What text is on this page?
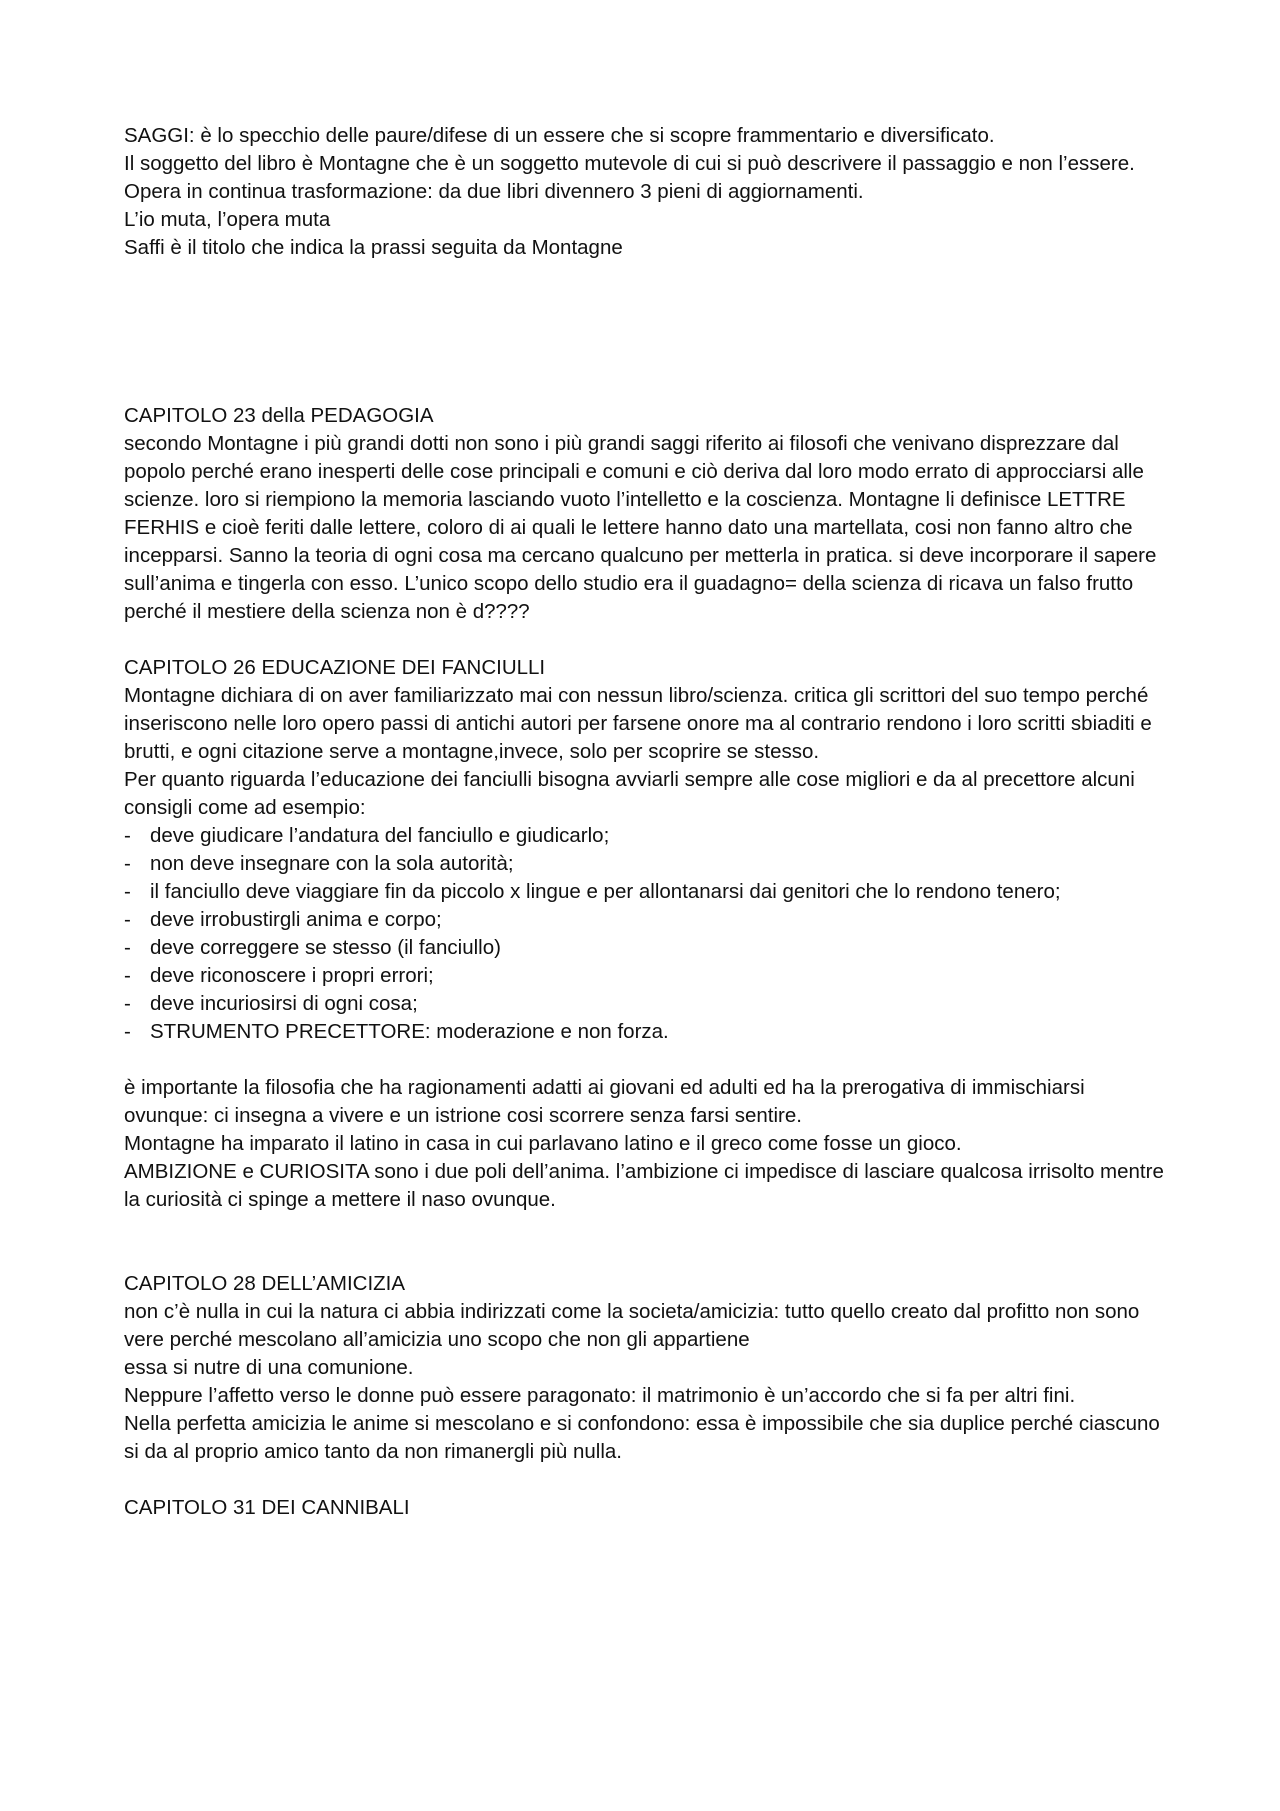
SAGGI: è lo specchio delle paure/difese di un essere che si scopre frammentario e diversificato.

Il soggetto del libro è Montagne che è un soggetto mutevole di cui si può descrivere il passaggio e non l’essere.

Opera in continua trasformazione: da due libri divennero 3 pieni di aggiornamenti.

L’io muta, l’opera muta

Saffi è il titolo che indica la prassi seguita da Montagne

CAPITOLO 23 della PEDAGOGIA

secondo Montagne i più grandi dotti non sono i più grandi saggi riferito ai filosofi che venivano disprezzare dal popolo perché erano inesperti delle cose principali e comuni e ciò deriva dal loro modo errato di approcciarsi alle scienze. loro si riempiono la memoria lasciando vuoto l’intelletto e la coscienza. Montagne li definisce LETTRE FERHIS e cioè feriti dalle lettere, coloro di ai quali le lettere hanno dato una martellata, cosi non fanno altro che incepparsi. Sanno la teoria di ogni cosa ma cercano qualcuno per metterla in pratica. si deve incorporare il sapere sull’anima e tingerla con esso. L’unico scopo dello studio era il guadagno= della scienza di ricava un falso frutto perché il mestiere della scienza non è d????

CAPITOLO 26 EDUCAZIONE DEI FANCIULLI

Montagne dichiara di on aver familiarizzato mai con nessun libro/scienza. critica gli scrittori del suo tempo perché inseriscono nelle loro opero passi di antichi autori per farsene onore ma al contrario rendono i loro scritti sbiaditi e brutti, e ogni citazione serve a montagne,invece, solo per scoprire se stesso.

Per quanto riguarda l’educazione dei fanciulli bisogna avviarli sempre alle cose migliori e da al precettore alcuni consigli come ad esempio:

- deve giudicare l’andatura del fanciullo e giudicarlo;
- non deve insegnare con la sola autorità;
- il fanciullo deve viaggiare fin da piccolo x lingue e per allontanarsi dai genitori che lo rendono tenero;
- deve irrobustirgli anima e corpo;
- deve correggere se stesso (il fanciullo)
- deve riconoscere i propri errori;
- deve incuriosirsi di ogni cosa;
- STRUMENTO PRECETTORE: moderazione e non forza.

è importante la filosofia che ha ragionamenti adatti ai giovani ed adulti ed ha la prerogativa di immischiarsi ovunque: ci insegna a vivere e un istrione cosi scorrere senza farsi sentire.

Montagne ha imparato il latino in casa in cui parlavano latino e il greco come fosse un gioco.

AMBIZIONE e CURIOSITA sono i due poli dell’anima. l’ambizione ci impedisce di lasciare qualcosa irrisolto mentre la curiosità ci spinge a mettere il naso ovunque.

CAPITOLO 28 DELL’AMICIZIA

non c’è nulla in cui la natura ci abbia indirizzati come la societa/amicizia: tutto quello creato dal profitto non sono vere perché mescolano all’amicizia uno scopo che non gli appartiene

essa si nutre di una comunione.

Neppure l’affetto verso le donne può essere paragonato: il matrimonio è un’accordo che si fa per altri fini.

Nella perfetta amicizia le anime si mescolano e si confondono: essa è impossibile che sia duplice perché ciascuno si da al proprio amico tanto da non rimanergli più nulla.

CAPITOLO 31 DEI CANNIBALI
